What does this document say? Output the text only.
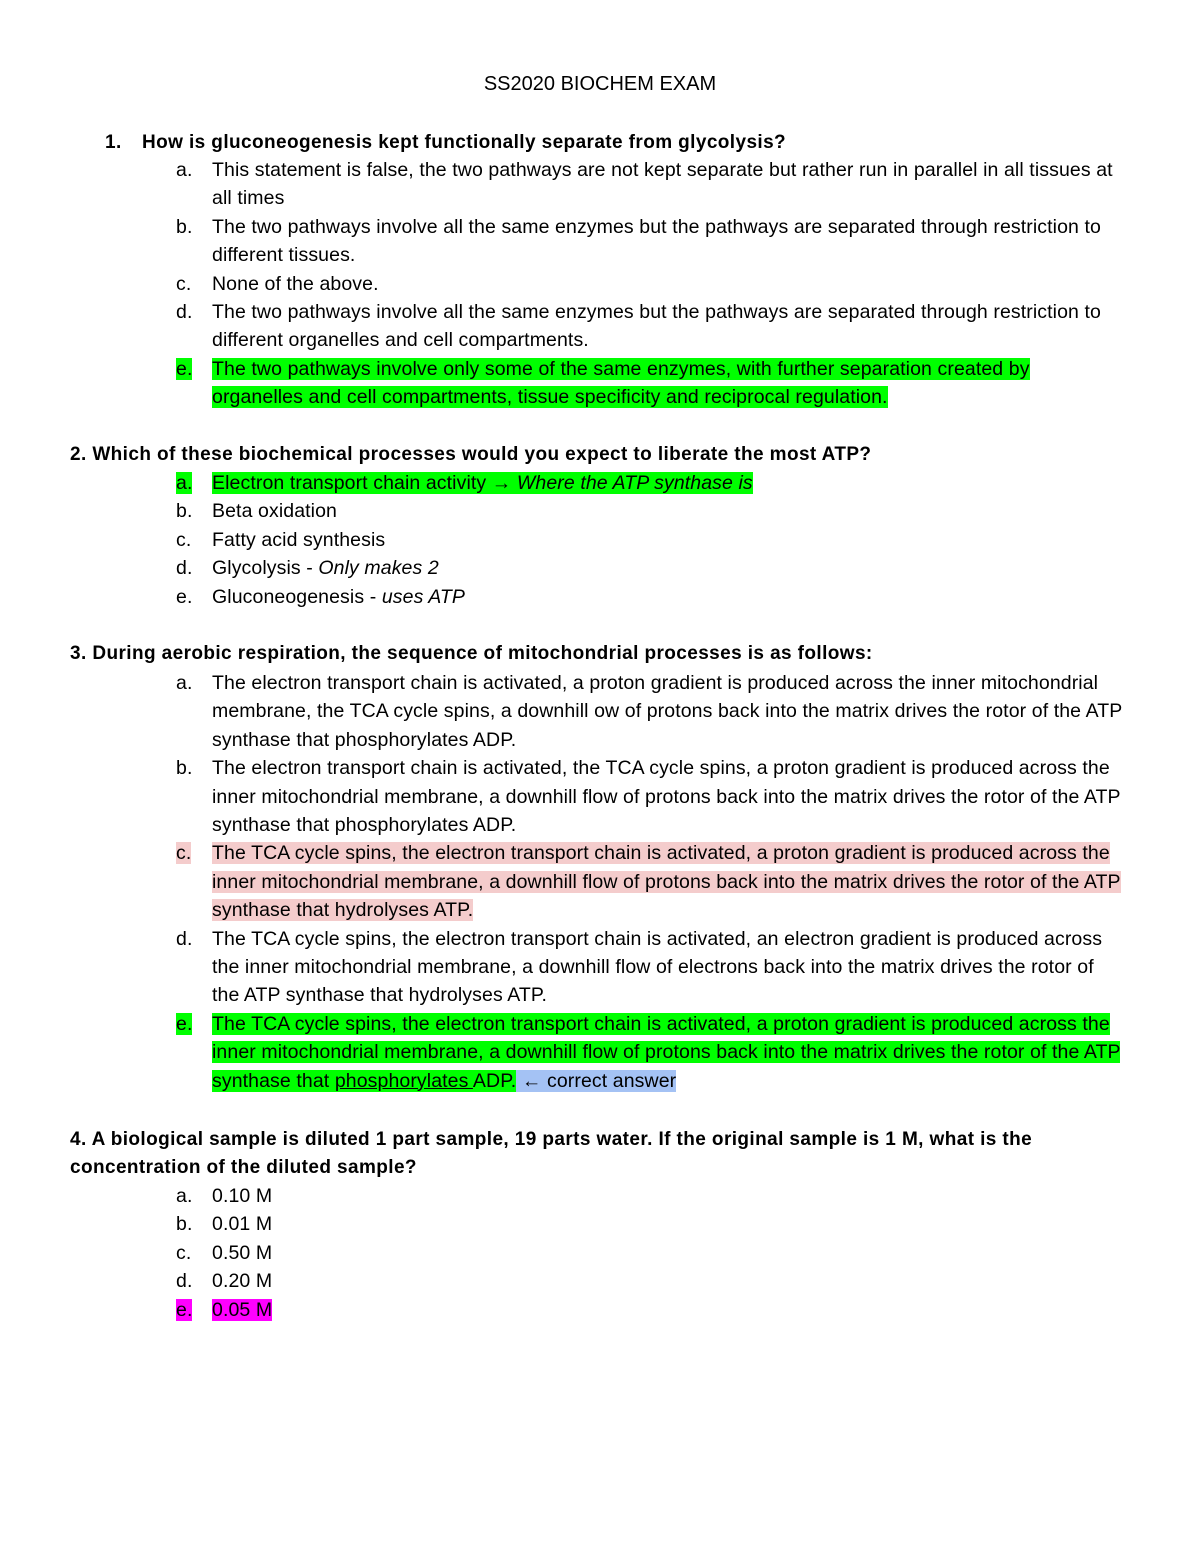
SS2020 BIOCHEM EXAM
1. How is gluconeogenesis kept functionally separate from glycolysis?
a.	This statement is false, the two pathways are not kept separate but rather run in parallel in all tissues at all times
b.	The two pathways involve all the same enzymes but the pathways are separated through restriction to different tissues.
c.	None of the above.
d.	The two pathways involve all the same enzymes but the pathways are separated through restriction to different organelles and cell compartments.
e.	The two pathways involve only some of the same enzymes, with further separation created by organelles and cell compartments, tissue specificity and reciprocal regulation.
2. Which of these biochemical processes would you expect to liberate the most ATP?
a.	Electron transport chain activity → Where the ATP synthase is
b.	Beta oxidation
c.	Fatty acid synthesis
d.	Glycolysis - Only makes 2
e.	Gluconeogenesis - uses ATP
3. During aerobic respiration, the sequence of mitochondrial processes is as follows:
a.	The electron transport chain is activated, a proton gradient is produced across the inner mitochondrial membrane, the TCA cycle spins, a downhill ow of protons back into the matrix drives the rotor of the ATP synthase that phosphorylates ADP.
b.	The electron transport chain is activated, the TCA cycle spins, a proton gradient is produced across the inner mitochondrial membrane, a downhill flow of protons back into the matrix drives the rotor of the ATP synthase that phosphorylates ADP.
c.	The TCA cycle spins, the electron transport chain is activated, a proton gradient is produced across the inner mitochondrial membrane, a downhill flow of protons back into the matrix drives the rotor of the ATP synthase that hydrolyses ATP.
d.	The TCA cycle spins, the electron transport chain is activated, an electron gradient is produced across the inner mitochondrial membrane, a downhill flow of electrons back into the matrix drives the rotor of the ATP synthase that hydrolyses ATP.
e.	The TCA cycle spins, the electron transport chain is activated, a proton gradient is produced across the inner mitochondrial membrane, a downhill flow of protons back into the matrix drives the rotor of the ATP synthase that phosphorylates ADP. ← correct answer
4. A biological sample is diluted 1 part sample, 19 parts water. If the original sample is 1 M, what is the concentration of the diluted sample?
a.	0.10 M
b.	0.01 M
c.	0.50 M
d.	0.20 M
e.	0.05 M
